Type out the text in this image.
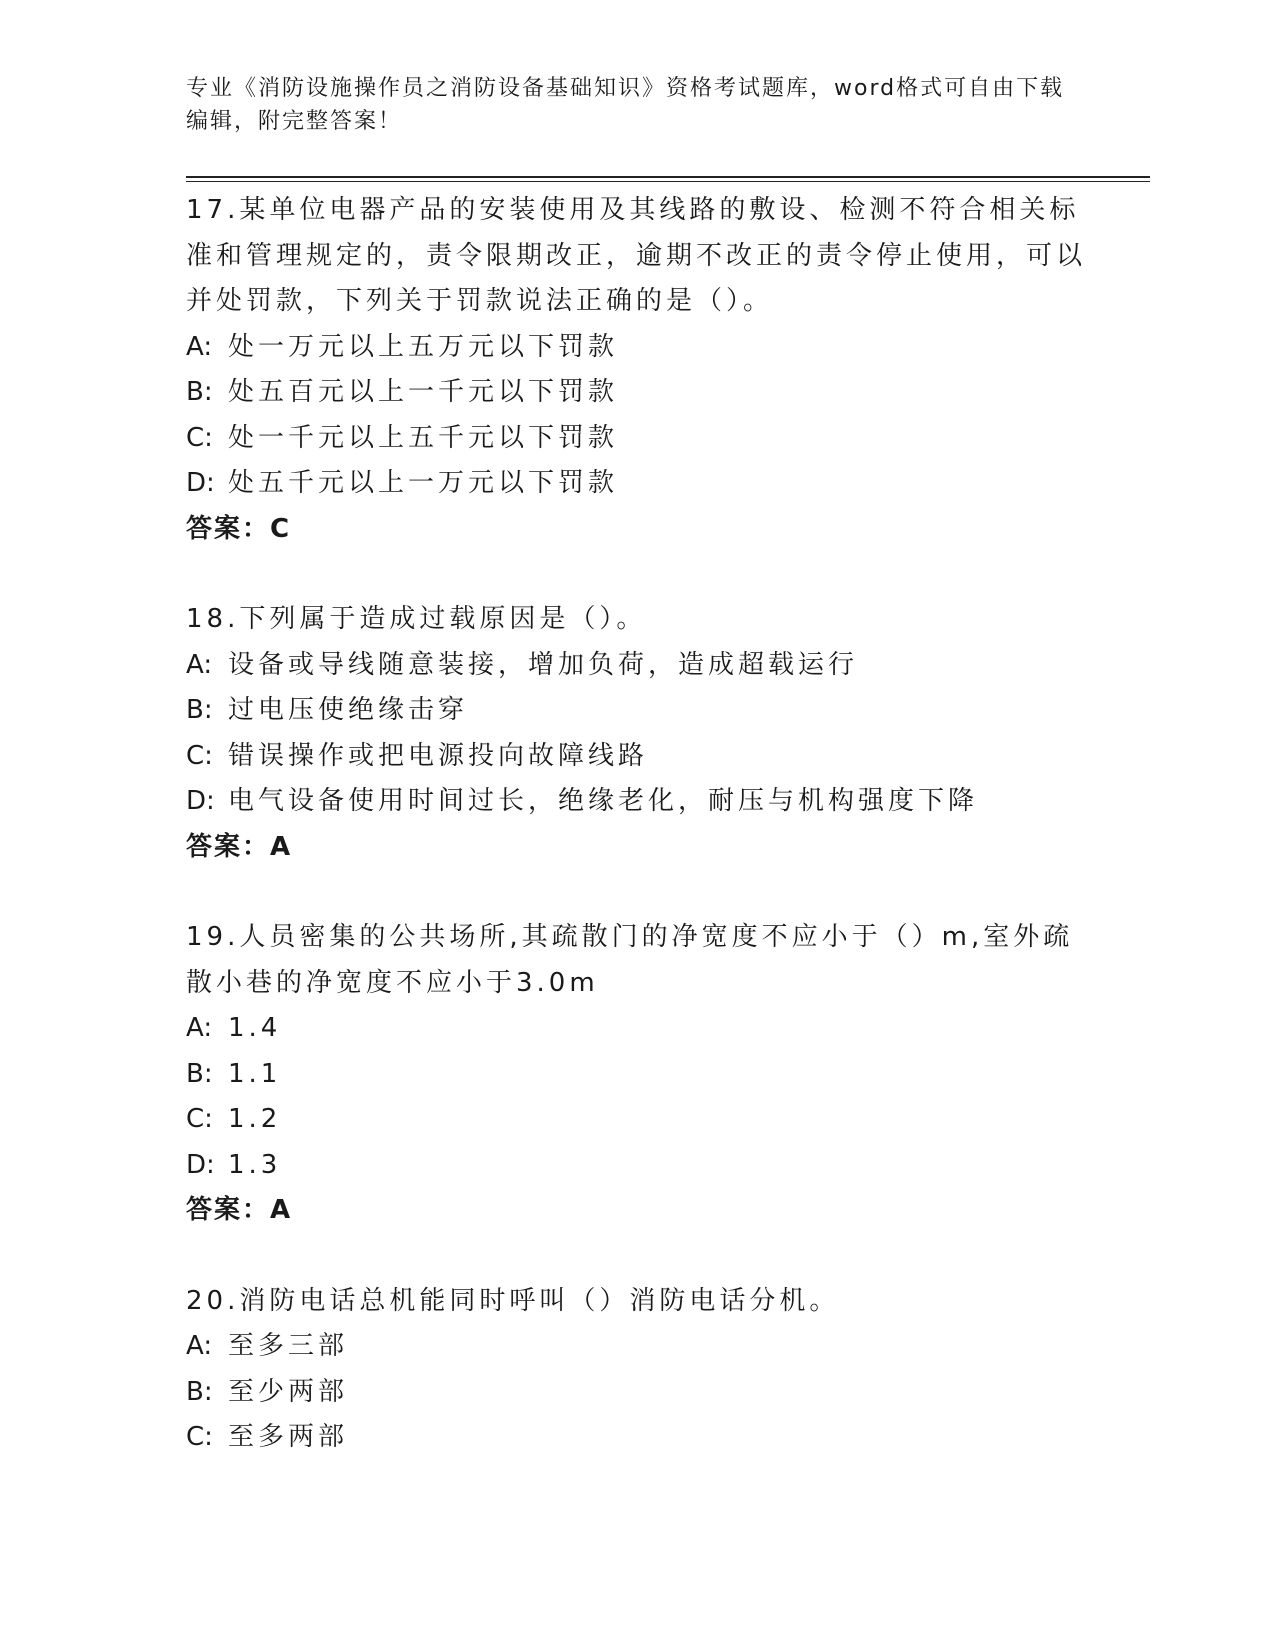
专业《消防设施操作员之消防设备基础知识》资格考试题库，word格式可自由下载编辑，附完整答案！
17.某单位电器产品的安装使用及其线路的敷设、检测不符合相关标准和管理规定的，责令限期改正，逾期不改正的责令停止使用，可以并处罚款，下列关于罚款说法正确的是（）。
A: 处一万元以上五万元以下罚款
B: 处五百元以上一千元以下罚款
C: 处一千元以上五千元以下罚款
D: 处五千元以上一万元以下罚款
答案：C
18.下列属于造成过载原因是（）。
A: 设备或导线随意装接，增加负荷，造成超载运行
B: 过电压使绝缘击穿
C: 错误操作或把电源投向故障线路
D: 电气设备使用时间过长，绝缘老化，耐压与机构强度下降
答案：A
19.人员密集的公共场所,其疏散门的净宽度不应小于（）m,室外疏散小巷的净宽度不应小于3.0m
A: 1.4
B: 1.1
C: 1.2
D: 1.3
答案：A
20.消防电话总机能同时呼叫（）消防电话分机。
A: 至多三部
B: 至少两部
C: 至多两部
